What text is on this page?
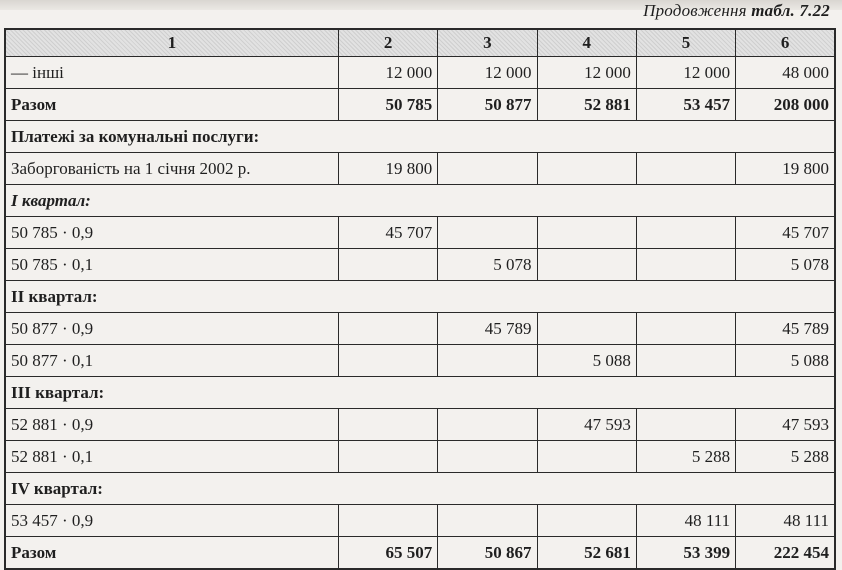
Продовження табл. 7.22
1	2	3	4	5	6
— інші	12 000	12 000	12 000	12 000	48 000
Разом	50 785	50 877	52 881	53 457	208 000
Платежі за комунальні послуги:					
Заборгованість на 1 січня 2002 р.	19 800				19 800
І квартал:					
50 785 · 0,9	45 707				45 707
50 785 · 0,1		5 078			5 078
ІІ квартал:					
50 877 · 0,9		45 789			45 789
50 877 · 0,1			5 088		5 088
ІІІ квартал:					
52 881 · 0,9			47 593		47 593
52 881 · 0,1				5 288	5 288
ІV квартал:					
53 457 · 0,9				48 111	48 111
Разом	65 507	50 867	52 681	53 399	222 454
